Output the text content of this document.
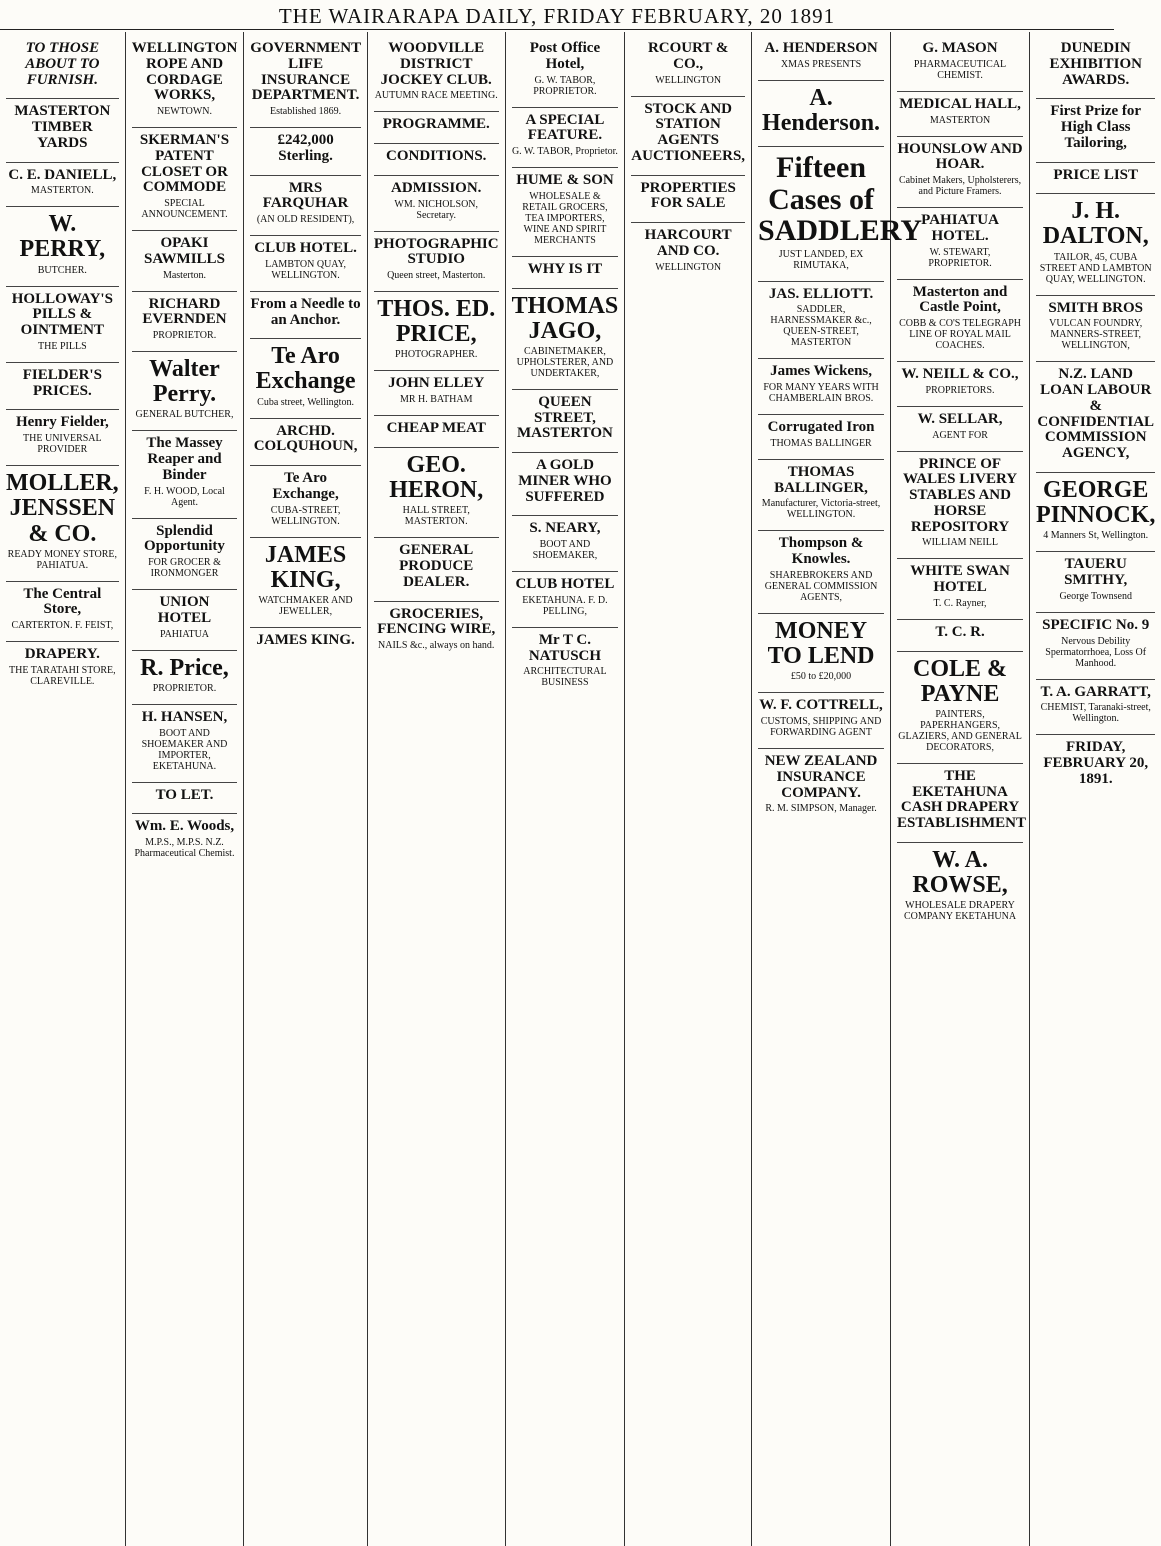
THE WAIRARAPA DAILY, FRIDAY FEBRUARY, 20 1891
TO THOSE ABOUT TO FURNISH.
MASTERTON TIMBER YARDS
C. E. DANIELL,
MASTERTON.
W. PERRY,
BUTCHER.
HOLLOWAY'S PILLS & OINTMENT
THE PILLS
FIELDER'S PRICES.
Henry Fielder,
THE UNIVERSAL PROVIDER
MOLLER, JENSSEN & CO.
READY MONEY STORE, PAHIATUA.
The Central Store,
CARTERTON. F. FEIST,
DRAPERY.
THE TARATAHI STORE, CLAREVILLE.
WELLINGTON ROPE AND CORDAGE WORKS,
NEWTOWN.
SKERMAN'S PATENT CLOSET OR COMMODE
SPECIAL ANNOUNCEMENT.
OPAKI SAWMILLS
Masterton.
RICHARD EVERNDEN
PROPRIETOR.
Walter Perry.
GENERAL BUTCHER,
The Massey Reaper and Binder
F. H. WOOD, Local Agent.
Splendid Opportunity
FOR GROCER & IRONMONGER
UNION HOTEL
PAHIATUA
R. Price,
PROPRIETOR.
H. HANSEN,
BOOT AND SHOEMAKER AND IMPORTER, EKETAHUNA.
TO LET.
Wm. E. Woods,
M.P.S., M.P.S. N.Z. Pharmaceutical Chemist.
GOVERNMENT LIFE INSURANCE DEPARTMENT.
Established 1869.
£242,000 Sterling.
MRS FARQUHAR
(AN OLD RESIDENT),
CLUB HOTEL.
LAMBTON QUAY, WELLINGTON.
From a Needle to an Anchor.
Te Aro Exchange
Cuba street, Wellington.
ARCHD. COLQUHOUN,
Te Aro Exchange,
CUBA-STREET, WELLINGTON.
JAMES KING,
WATCHMAKER AND JEWELLER,
JAMES KING.
WOODVILLE DISTRICT JOCKEY CLUB.
AUTUMN RACE MEETING.
PROGRAMME.
CONDITIONS.
ADMISSION.
WM. NICHOLSON, Secretary.
PHOTOGRAPHIC STUDIO
Queen street, Masterton.
THOS. ED. PRICE,
PHOTOGRAPHER.
JOHN ELLEY
MR H. BATHAM
CHEAP MEAT
GEO. HERON,
HALL STREET, MASTERTON.
GENERAL PRODUCE DEALER.
GROCERIES, FENCING WIRE,
NAILS &c., always on hand.
Post Office Hotel,
G. W. TABOR, PROPRIETOR.
A SPECIAL FEATURE.
G. W. TABOR, Proprietor.
HUME & SON
WHOLESALE & RETAIL GROCERS, TEA IMPORTERS, WINE AND SPIRIT MERCHANTS
WHY IS IT
THOMAS JAGO,
CABINETMAKER, UPHOLSTERER, AND UNDERTAKER,
QUEEN STREET, MASTERTON
A GOLD MINER WHO SUFFERED
S. NEARY,
BOOT AND SHOEMAKER,
CLUB HOTEL
EKETAHUNA. F. D. PELLING,
Mr T C. NATUSCH
ARCHITECTURAL BUSINESS
RCOURT & CO.,
WELLINGTON
STOCK AND STATION AGENTS AUCTIONEERS,
PROPERTIES FOR SALE
HARCOURT AND CO.
WELLINGTON
A. HENDERSON
XMAS PRESENTS
A. Henderson.
Fifteen Cases of SADDLERY
JUST LANDED, EX RIMUTAKA,
JAS. ELLIOTT.
SADDLER, HARNESSMAKER &c., QUEEN-STREET, MASTERTON
James Wickens,
FOR MANY YEARS WITH CHAMBERLAIN BROS.
Corrugated Iron
THOMAS BALLINGER
THOMAS BALLINGER,
Manufacturer, Victoria-street, WELLINGTON.
Thompson & Knowles.
SHAREBROKERS AND GENERAL COMMISSION AGENTS,
MONEY TO LEND
£50 to £20,000
W. F. COTTRELL,
CUSTOMS, SHIPPING AND FORWARDING AGENT
NEW ZEALAND INSURANCE COMPANY.
R. M. SIMPSON, Manager.
G. MASON
PHARMACEUTICAL CHEMIST.
MEDICAL HALL,
MASTERTON
HOUNSLOW AND HOAR.
Cabinet Makers, Upholsterers, and Picture Framers.
PAHIATUA HOTEL.
W. STEWART, PROPRIETOR.
Masterton and Castle Point,
COBB & CO'S TELEGRAPH LINE OF ROYAL MAIL COACHES.
W. NEILL & CO.,
PROPRIETORS.
W. SELLAR,
AGENT FOR
PRINCE OF WALES LIVERY STABLES AND HORSE REPOSITORY
WILLIAM NEILL
WHITE SWAN HOTEL
T. C. Rayner,
T. C. R.
COLE & PAYNE
PAINTERS, PAPERHANGERS, GLAZIERS, AND GENERAL DECORATORS,
THE EKETAHUNA CASH DRAPERY ESTABLISHMENT
W. A. ROWSE,
WHOLESALE DRAPERY COMPANY EKETAHUNA
DUNEDIN EXHIBITION AWARDS.
First Prize for High Class Tailoring,
PRICE LIST
J. H. DALTON,
TAILOR, 45, CUBA STREET AND LAMBTON QUAY, WELLINGTON.
SMITH BROS
VULCAN FOUNDRY, MANNERS-STREET, WELLINGTON,
N.Z. LAND LOAN LABOUR & CONFIDENTIAL COMMISSION AGENCY,
GEORGE PINNOCK,
4 Manners St, Wellington.
TAUERU SMITHY,
George Townsend
SPECIFIC No. 9
Nervous Debility Spermatorrhoea, Loss Of Manhood.
T. A. GARRATT,
CHEMIST, Taranaki-street, Wellington.
FRIDAY, FEBRUARY 20, 1891.
